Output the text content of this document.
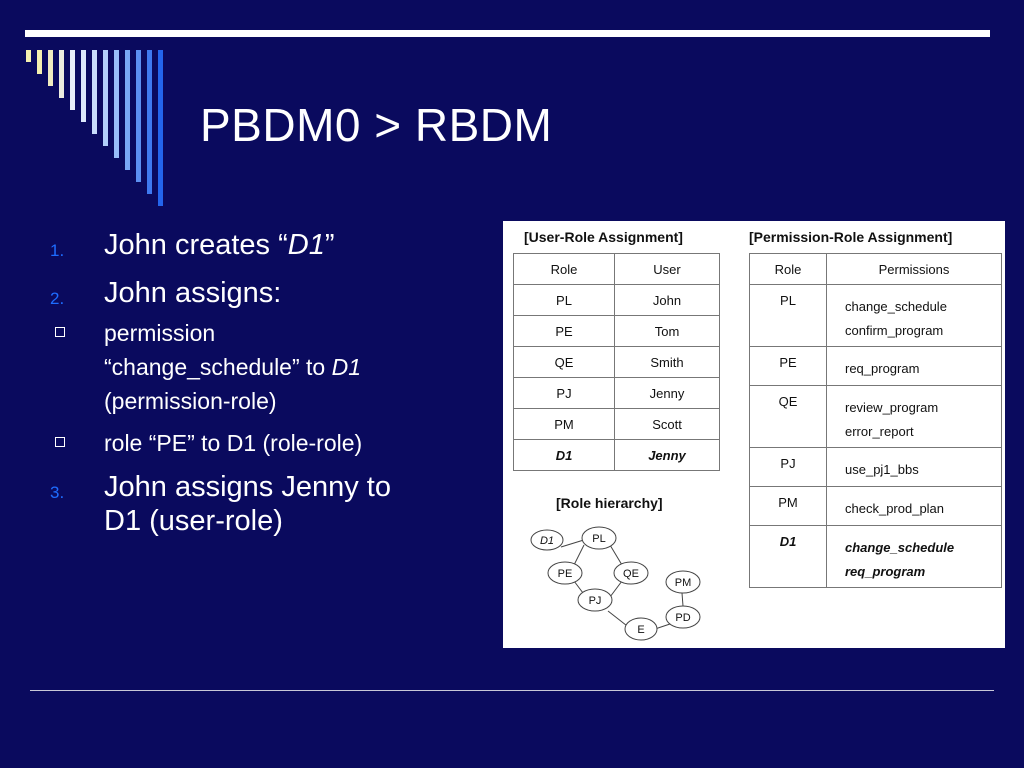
PBDM0 > RBDM
1. John creates “D1”
2. John assigns:
permission
“change_schedule” to D1
(permission-role)
role “PE” to D1 (role-role)
3. John assigns Jenny to
D1 (user-role)
[User-Role Assignment]
Role	User
PL	John
PE	Tom
QE	Smith
PJ	Jenny
PM	Scott
D1	Jenny
[Permission-Role Assignment]
Role	Permissions
PL	change_schedule
confirm_program

PE	req_program

QE	review_program
error_report

PJ	use_pj1_bbs

PM	check_prod_plan

D1	change_schedule
req_program
[Role hierarchy]
D1	PL
PE	QE
PJ
PM
PD
E
